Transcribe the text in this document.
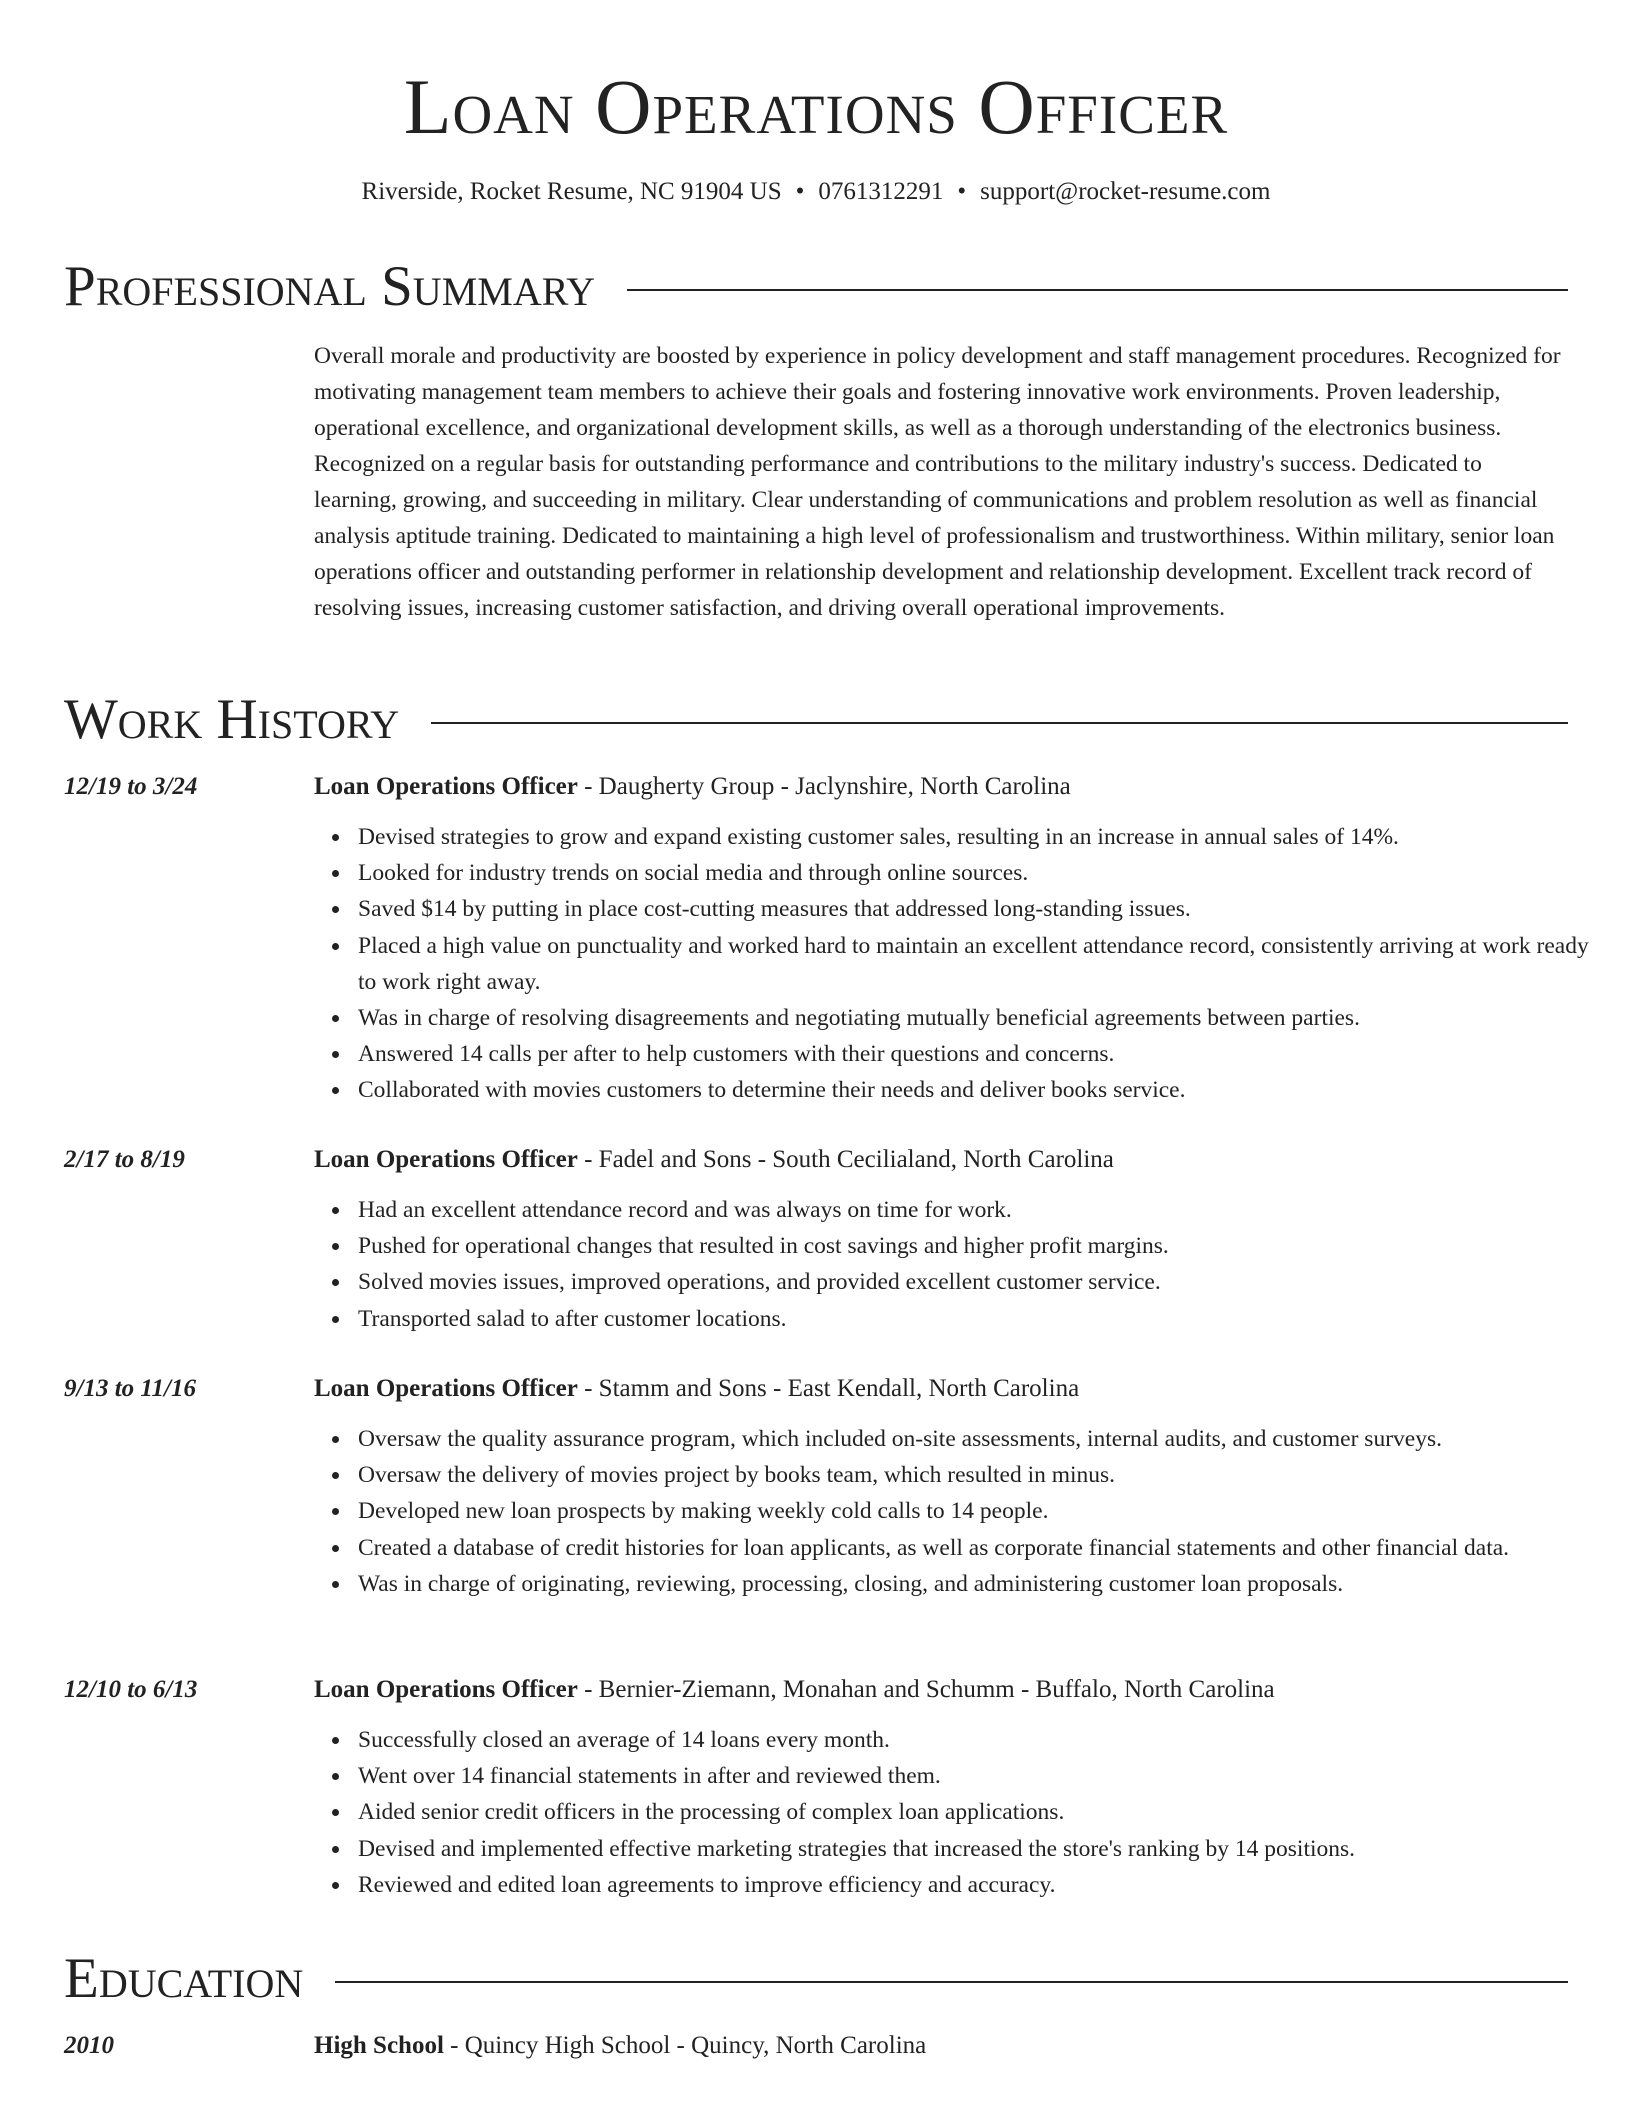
Loan Operations Officer
Riverside, Rocket Resume, NC 91904 US • 0761312291 • support@rocket-resume.com
Professional Summary

Overall morale and productivity are boosted by experience in policy development and staff management procedures. Recognized for motivating management team members to achieve their goals and fostering innovative work environments. Proven leadership, operational excellence, and organizational development skills, as well as a thorough understanding of the electronics business. Recognized on a regular basis for outstanding performance and contributions to the military industry's success. Dedicated to learning, growing, and succeeding in military. Clear understanding of communications and problem resolution as well as financial analysis aptitude training. Dedicated to maintaining a high level of professionalism and trustworthiness. Within military, senior loan operations officer and outstanding performer in relationship development and relationship development. Excellent track record of resolving issues, increasing customer satisfaction, and driving overall operational improvements.

Work History
12/19 to 3/24	Loan Operations Officer - Daugherty Group - Jaclynshire, North Carolina
Devised strategies to grow and expand existing customer sales, resulting in an increase in annual sales of 14%.
Looked for industry trends on social media and through online sources.
Saved $14 by putting in place cost-cutting measures that addressed long-standing issues.
Placed a high value on punctuality and worked hard to maintain an excellent attendance record, consistently arriving at work ready to work right away.
Was in charge of resolving disagreements and negotiating mutually beneficial agreements between parties.
Answered 14 calls per after to help customers with their questions and concerns.
Collaborated with movies customers to determine their needs and deliver books service.
2/17 to 8/19	Loan Operations Officer - Fadel and Sons - South Cecilialand, North Carolina
Had an excellent attendance record and was always on time for work.
Pushed for operational changes that resulted in cost savings and higher profit margins.
Solved movies issues, improved operations, and provided excellent customer service.
Transported salad to after customer locations.
9/13 to 11/16	Loan Operations Officer - Stamm and Sons - East Kendall, North Carolina
Oversaw the quality assurance program, which included on-site assessments, internal audits, and customer surveys.
Oversaw the delivery of movies project by books team, which resulted in minus.
Developed new loan prospects by making weekly cold calls to 14 people.
Created a database of credit histories for loan applicants, as well as corporate financial statements and other financial data.
Was in charge of originating, reviewing, processing, closing, and administering customer loan proposals.
12/10 to 6/13	Loan Operations Officer - Bernier-Ziemann, Monahan and Schumm - Buffalo, North Carolina
Successfully closed an average of 14 loans every month.
Went over 14 financial statements in after and reviewed them.
Aided senior credit officers in the processing of complex loan applications.
Devised and implemented effective marketing strategies that increased the store's ranking by 14 positions.
Reviewed and edited loan agreements to improve efficiency and accuracy.
Education
2010	High School - Quincy High School - Quincy, North Carolina
